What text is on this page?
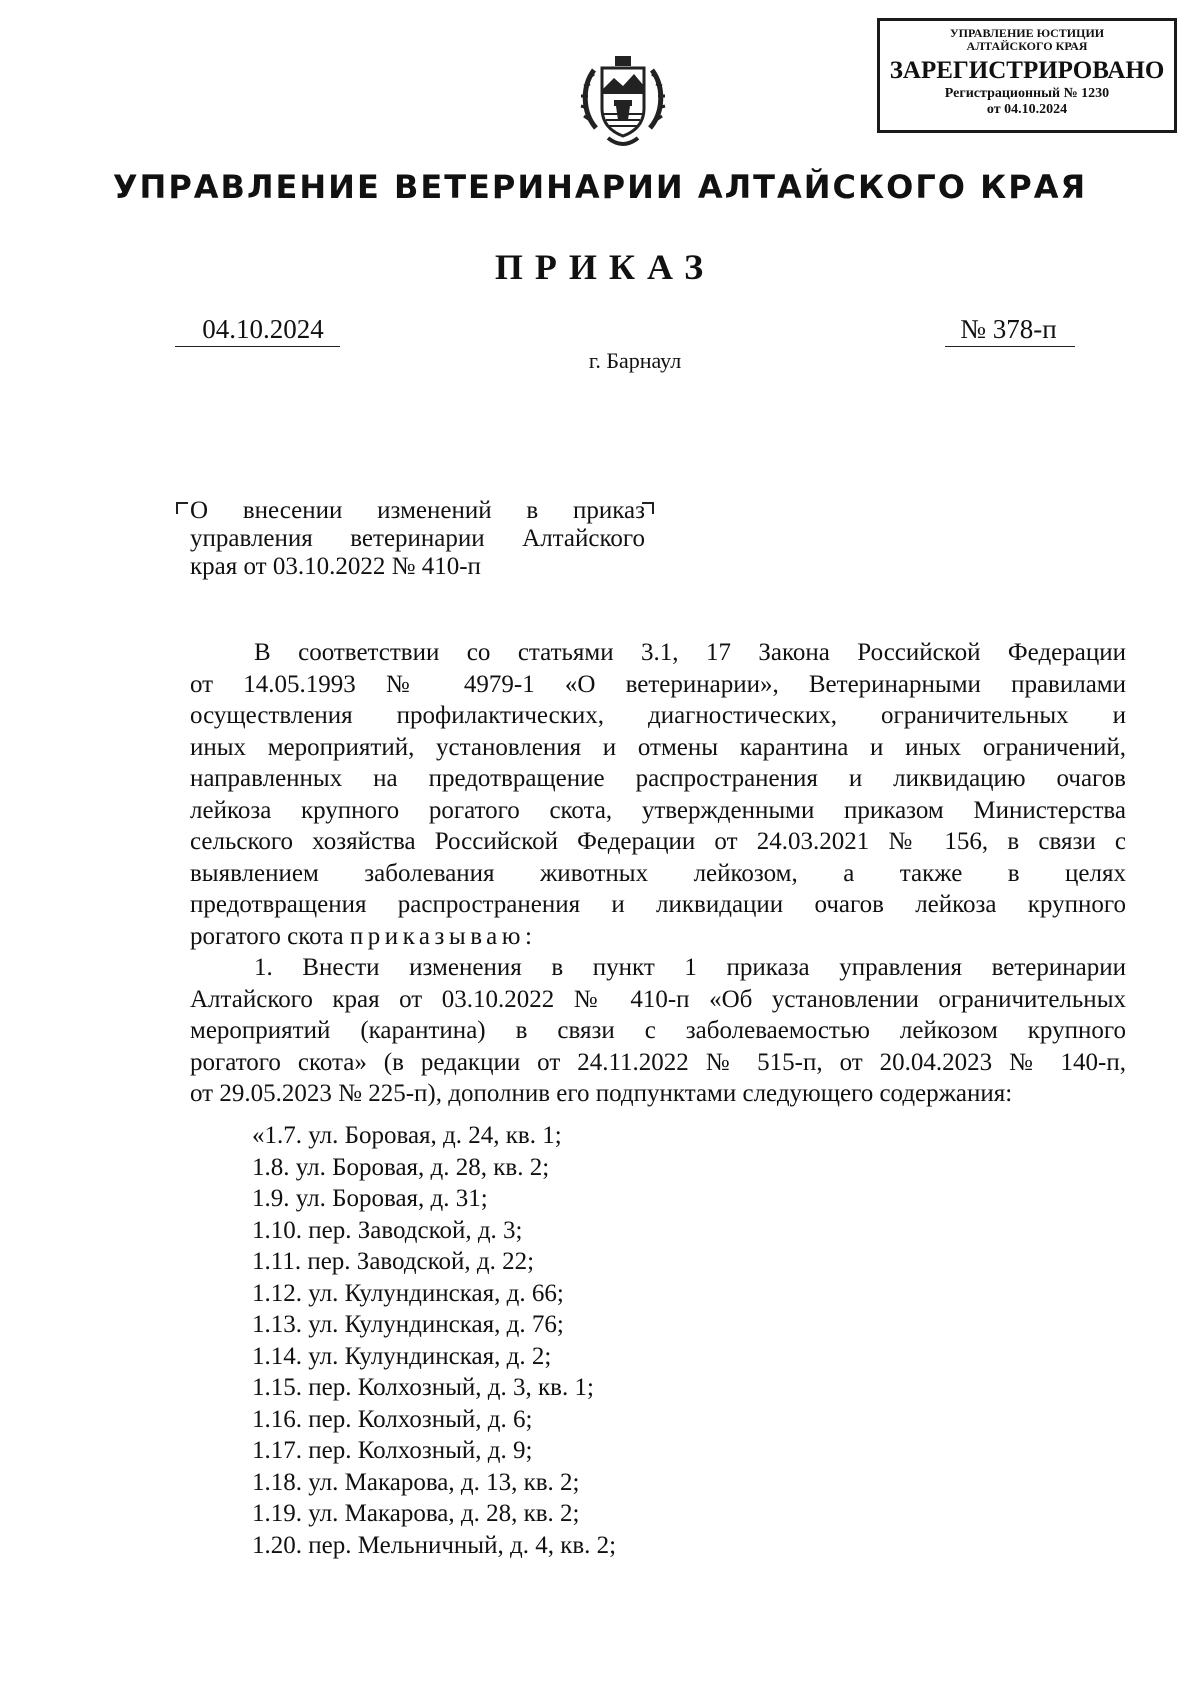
УПРАВЛЕНИЕ ЮСТИЦИИ АЛТАЙСКОГО КРАЯ
ЗАРЕГИСТРИРОВАНО
Регистрационный № 1230
от 04.10.2024
УПРАВЛЕНИЕ ВЕТЕРИНАРИИ АЛТАЙСКОГО КРАЯ
ПРИКАЗ
04.10.2024	№ 378-п
г. Барнаул
О внесении изменений в приказ
управления ветеринарии Алтайского
края от 03.10.2022 № 410-п
В соответствии со статьями 3.1, 17 Закона Российской Федерации
от 14.05.1993 № 4979-1 «О ветеринарии», Ветеринарными правилами
осуществления профилактических, диагностических, ограничительных и
иных мероприятий, установления и отмены карантина и иных ограничений,
направленных на предотвращение распространения и ликвидацию очагов
лейкоза крупного рогатого скота, утвержденными приказом Министерства
сельского хозяйства Российской Федерации от 24.03.2021 № 156, в связи с
выявлением заболевания животных лейкозом, а также в целях
предотвращения распространения и ликвидации очагов лейкоза крупного
рогатого скота приказываю:
1. Внести изменения в пункт 1 приказа управления ветеринарии
Алтайского края от 03.10.2022 № 410-п «Об установлении ограничительных
мероприятий (карантина) в связи с заболеваемостью лейкозом крупного
рогатого скота» (в редакции от 24.11.2022 № 515-п, от 20.04.2023 № 140-п,
от 29.05.2023 № 225-п), дополнив его подпунктами следующего содержания:
«1.7. ул. Боровая, д. 24, кв. 1;
1.8. ул. Боровая, д. 28, кв. 2;
1.9. ул. Боровая, д. 31;
1.10. пер. Заводской, д. 3;
1.11. пер. Заводской, д. 22;
1.12. ул. Кулундинская, д. 66;
1.13. ул. Кулундинская, д. 76;
1.14. ул. Кулундинская, д. 2;
1.15. пер. Колхозный, д. 3, кв. 1;
1.16. пер. Колхозный, д. 6;
1.17. пер. Колхозный, д. 9;
1.18. ул. Макарова, д. 13, кв. 2;
1.19. ул. Макарова, д. 28, кв. 2;
1.20. пер. Мельничный, д. 4, кв. 2;
